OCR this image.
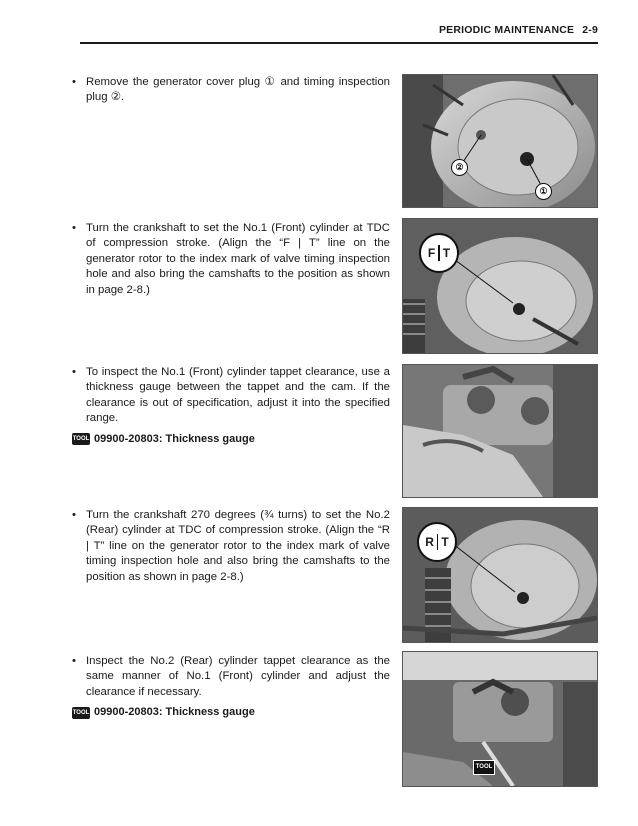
PERIODIC MAINTENANCE 2-9
• Remove the generator cover plug ① and timing inspection plug ②.
②
①
• Turn the crankshaft to set the No.1 (Front) cylinder at TDC of compression stroke. (Align the “F | T” line on the generator rotor to the index mark of valve timing inspection hole and also bring the camshafts to the position as shown in page 2-8.)
F T
• To inspect the No.1 (Front) cylinder tappet clearance, use a thickness gauge between the tappet and the cam. If the clearance is out of specification, adjust it into the specified range.
TOOL 09900-20803: Thickness gauge
• Turn the crankshaft 270 degrees (¾ turns) to set the No.2 (Rear) cylinder at TDC of compression stroke. (Align the “R | T” line on the generator rotor to the index mark of valve timing inspection hole and also bring the camshafts to the position as shown in page 2-8.)
R T
• Inspect the No.2 (Rear) cylinder tappet clearance as the same manner of No.1 (Front) cylinder and adjust the clearance if necessary.
TOOL 09900-20803: Thickness gauge
TOOL
